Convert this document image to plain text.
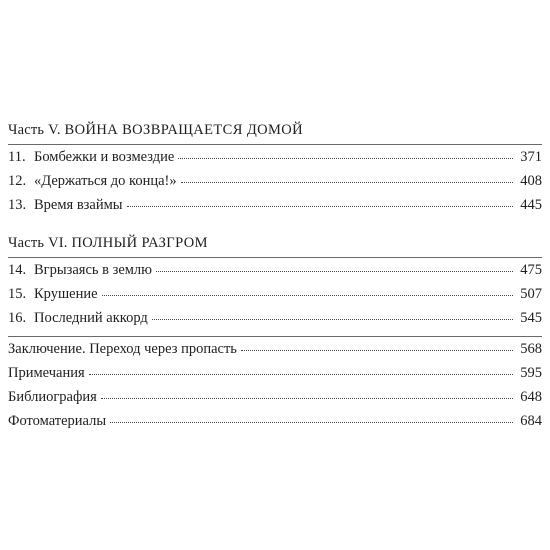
Часть V. ВОЙНА ВОЗВРАЩАЕТСЯ ДОМОЙ
11. Бомбежки и возмездие	371
12. «Держаться до конца!»	408
13. Время взаймы	445
Часть VI. ПОЛНЫЙ РАЗГРОМ
14. Вгрызаясь в землю	475
15. Крушение	507
16. Последний аккорд	545
Заключение. Переход через пропасть	568
Примечания	595
Библиография	648
Фотоматериалы	684
